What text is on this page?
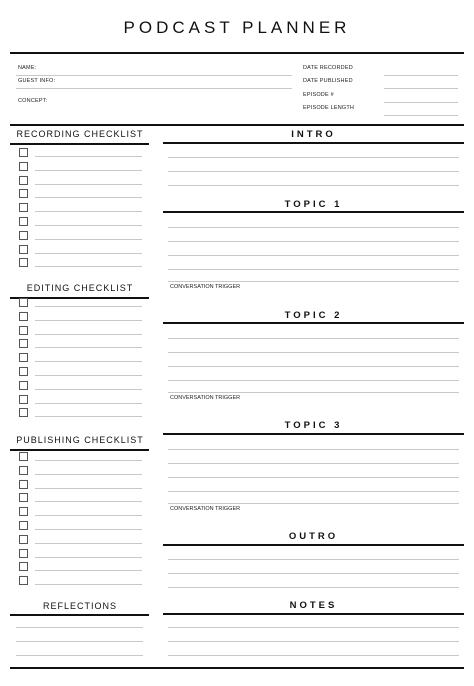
PODCAST PLANNER
NAME:
GUEST INFO:
CONCEPT:
DATE RECORDED
DATE PUBLISHED
EPISODE #
EPISODE LENGTH
RECORDING CHECKLIST
EDITING CHECKLIST
PUBLISHING CHECKLIST
REFLECTIONS
INTRO
TOPIC 1
CONVERSATION TRIGGER
TOPIC 2
CONVERSATION TRIGGER
TOPIC 3
CONVERSATION TRIGGER
OUTRO
NOTES
